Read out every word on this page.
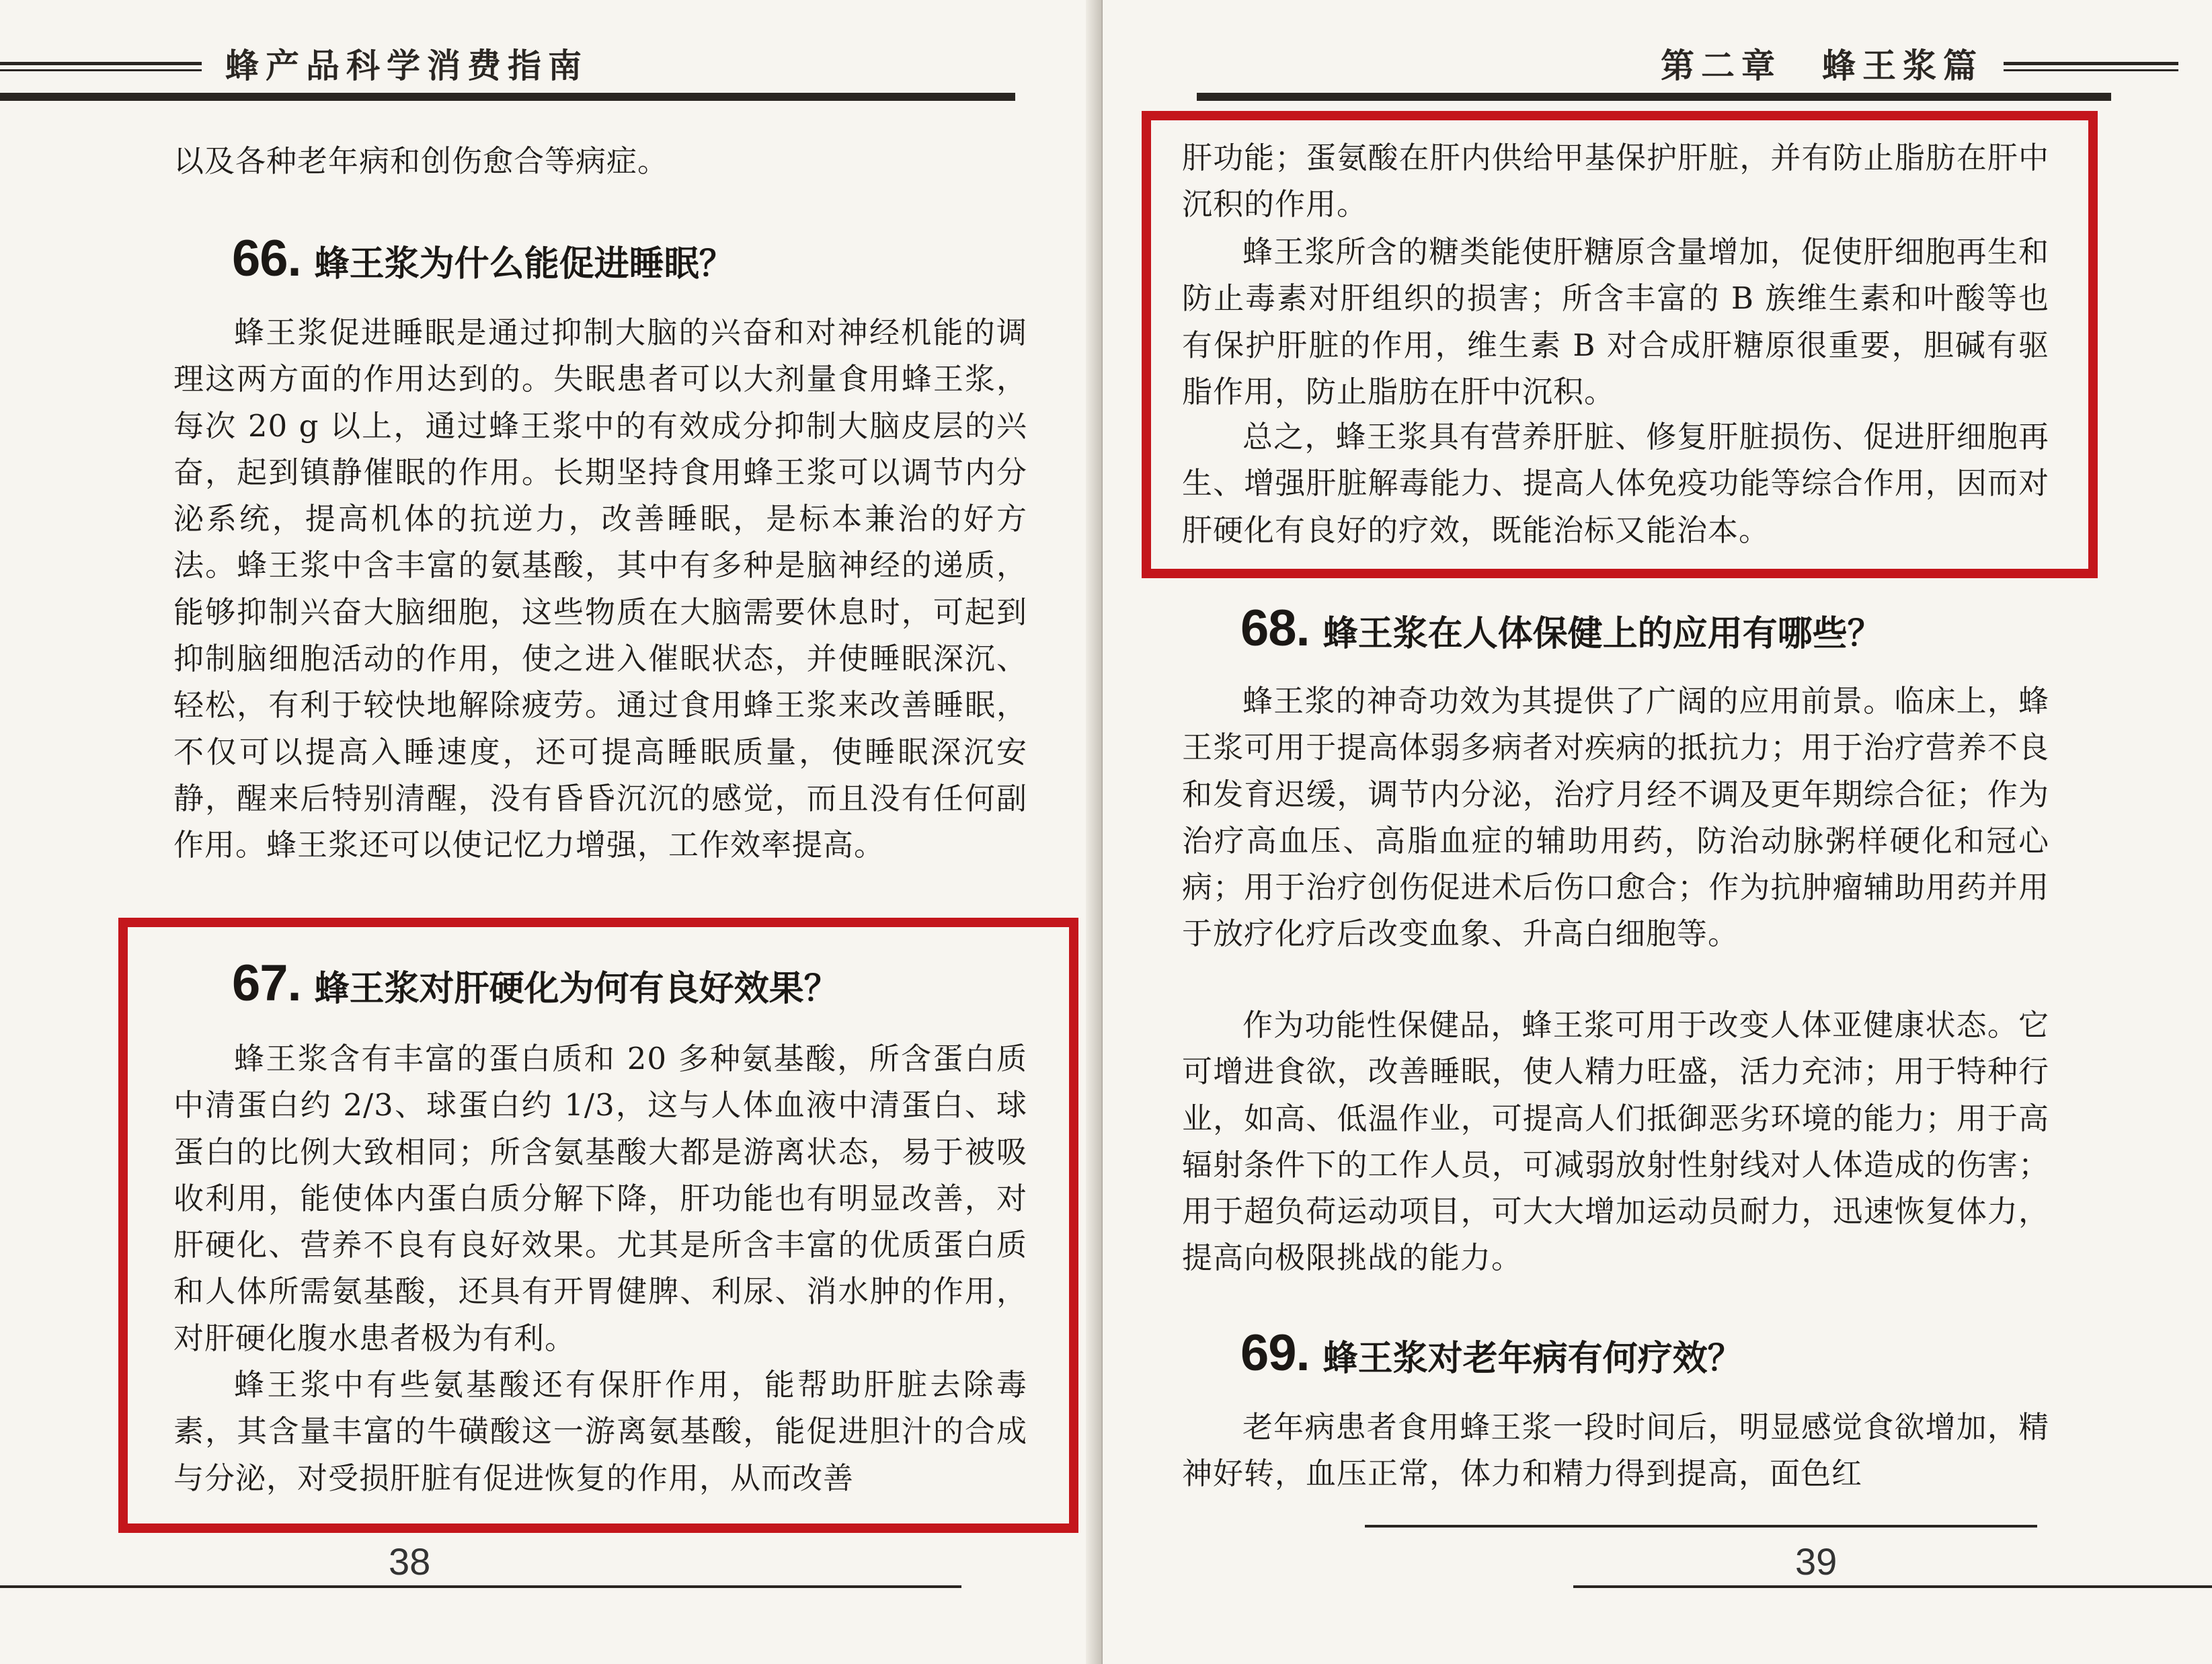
蜂产品科学消费指南

以及各种老年病和创伤愈合等病症。

66. 蜂王浆为什么能促进睡眠？

蜂王浆促进睡眠是通过抑制大脑的兴奋和对神经机能的调理这两方面的作用达到的。失眠患者可以大剂量食用蜂王浆，每次 20 g 以上，通过蜂王浆中的有效成分抑制大脑皮层的兴奋，起到镇静催眠的作用。长期坚持食用蜂王浆可以调节内分泌系统，提高机体的抗逆力，改善睡眠，是标本兼治的好方法。蜂王浆中含丰富的氨基酸，其中有多种是脑神经的递质，能够抑制兴奋大脑细胞，这些物质在大脑需要休息时，可起到抑制脑细胞活动的作用，使之进入催眠状态，并使睡眠深沉、轻松，有利于较快地解除疲劳。通过食用蜂王浆来改善睡眠，不仅可以提高入睡速度，还可提高睡眠质量，使睡眠深沉安静，醒来后特别清醒，没有昏昏沉沉的感觉，而且没有任何副作用。蜂王浆还可以使记忆力增强，工作效率提高。

67. 蜂王浆对肝硬化为何有良好效果？

蜂王浆含有丰富的蛋白质和 20 多种氨基酸，所含蛋白质中清蛋白约 2/3、球蛋白约 1/3，这与人体血液中清蛋白、球蛋白的比例大致相同；所含氨基酸大都是游离状态，易于被吸收利用，能使体内蛋白质分解下降，肝功能也有明显改善，对肝硬化、营养不良有良好效果。尤其是所含丰富的优质蛋白质和人体所需氨基酸，还具有开胃健脾、利尿、消水肿的作用，对肝硬化腹水患者极为有利。

蜂王浆中有些氨基酸还有保肝作用，能帮助肝脏去除毒素，其含量丰富的牛磺酸这一游离氨基酸，能促进胆汁的合成与分泌，对受损肝脏有促进恢复的作用，从而改善

38
第二章　蜂王浆篇

肝功能；蛋氨酸在肝内供给甲基保护肝脏，并有防止脂肪在肝中沉积的作用。

蜂王浆所含的糖类能使肝糖原含量增加，促使肝细胞再生和防止毒素对肝组织的损害；所含丰富的 B 族维生素和叶酸等也有保护肝脏的作用，维生素 B 对合成肝糖原很重要，胆碱有驱脂作用，防止脂肪在肝中沉积。

总之，蜂王浆具有营养肝脏、修复肝脏损伤、促进肝细胞再生、增强肝脏解毒能力、提高人体免疫功能等综合作用，因而对肝硬化有良好的疗效，既能治标又能治本。

68. 蜂王浆在人体保健上的应用有哪些？

蜂王浆的神奇功效为其提供了广阔的应用前景。临床上，蜂王浆可用于提高体弱多病者对疾病的抵抗力；用于治疗营养不良和发育迟缓，调节内分泌，治疗月经不调及更年期综合征；作为治疗高血压、高脂血症的辅助用药，防治动脉粥样硬化和冠心病；用于治疗创伤促进术后伤口愈合；作为抗肿瘤辅助用药并用于放疗化疗后改变血象、升高白细胞等。

作为功能性保健品，蜂王浆可用于改变人体亚健康状态。它可增进食欲，改善睡眠，使人精力旺盛，活力充沛；用于特种行业，如高、低温作业，可提高人们抵御恶劣环境的能力；用于高辐射条件下的工作人员，可减弱放射性射线对人体造成的伤害；用于超负荷运动项目，可大大增加运动员耐力，迅速恢复体力，提高向极限挑战的能力。

69. 蜂王浆对老年病有何疗效？

老年病患者食用蜂王浆一段时间后，明显感觉食欲增加，精神好转，血压正常，体力和精力得到提高，面色红

39
